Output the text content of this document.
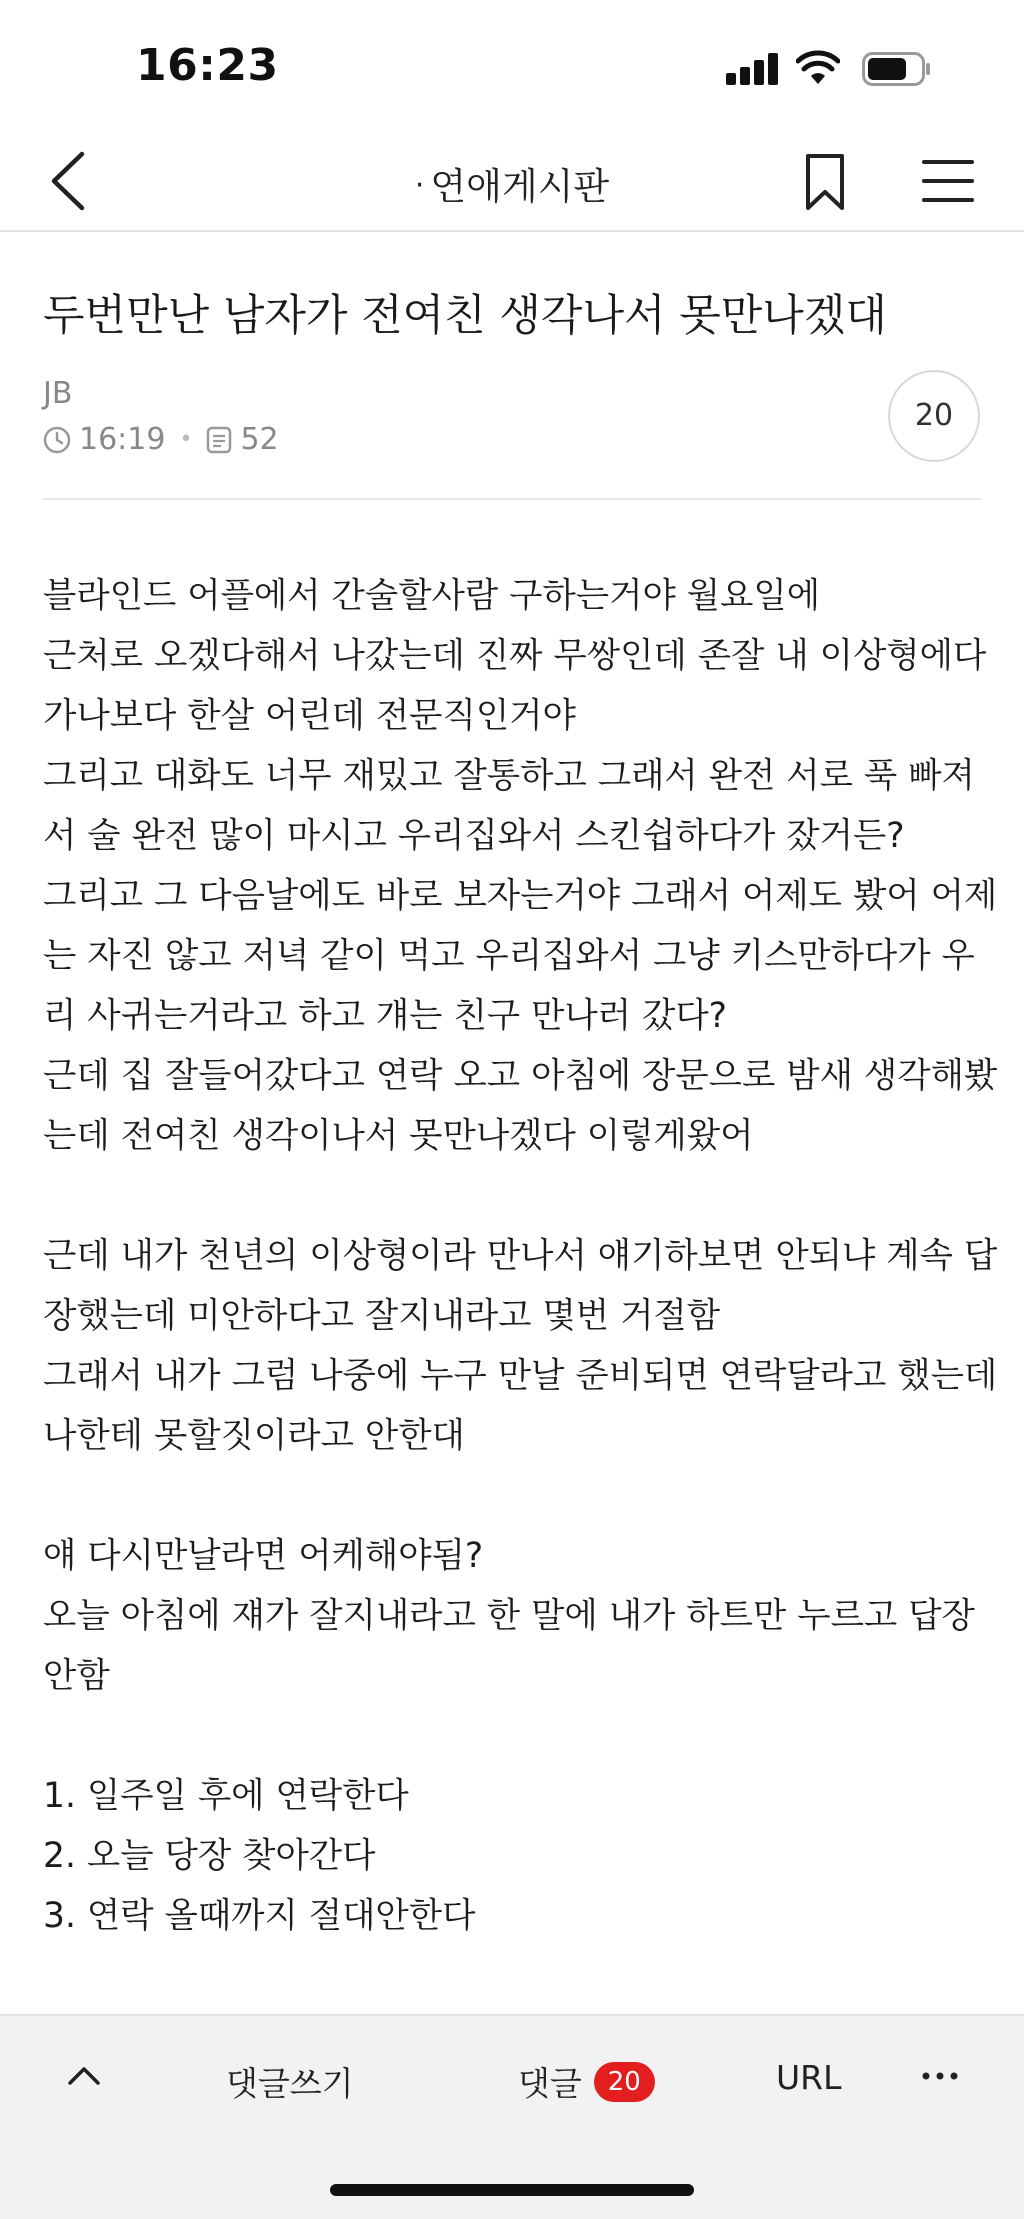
16:23
· 연애게시판
두번만난 남자가 전여친 생각나서 못만나겠대
JB
16:19 • 52
20

블라인드 어플에서 간술할사람 구하는거야 월요일에

근처로 오겠다해서 나갔는데 진짜 무쌍인데 존잘 내 이상형에다

가나보다 한살 어린데 전문직인거야

그리고 대화도 너무 재밌고 잘통하고 그래서 완전 서로 푹 빠져

서 술 완전 많이 마시고 우리집와서 스킨쉽하다가 잤거든?

그리고 그 다음날에도 바로 보자는거야 그래서 어제도 봤어 어제

는 자진 않고 저녁 같이 먹고 우리집와서 그냥 키스만하다가 우

리 사귀는거라고 하고 걔는 친구 만나러 갔다?

근데 집 잘들어갔다고 연락 오고 아침에 장문으로 밤새 생각해봤

는데 전여친 생각이나서 못만나겠다 이렇게왔어

근데 내가 천년의 이상형이라 만나서 얘기하보면 안되냐 계속 답

장했는데 미안하다고 잘지내라고 몇번 거절함

그래서 내가 그럼 나중에 누구 만날 준비되면 연락달라고 했는데

나한테 못할짓이라고 안한대

얘 다시만날라면 어케해야됨?

오늘 아침에 쟤가 잘지내라고 한 말에 내가 하트만 누르고 답장

안함

1. 일주일 후에 연락한다

2. 오늘 당장 찾아간다

3. 연락 올때까지 절대안한다

댓글쓰기	댓글	20	URL
